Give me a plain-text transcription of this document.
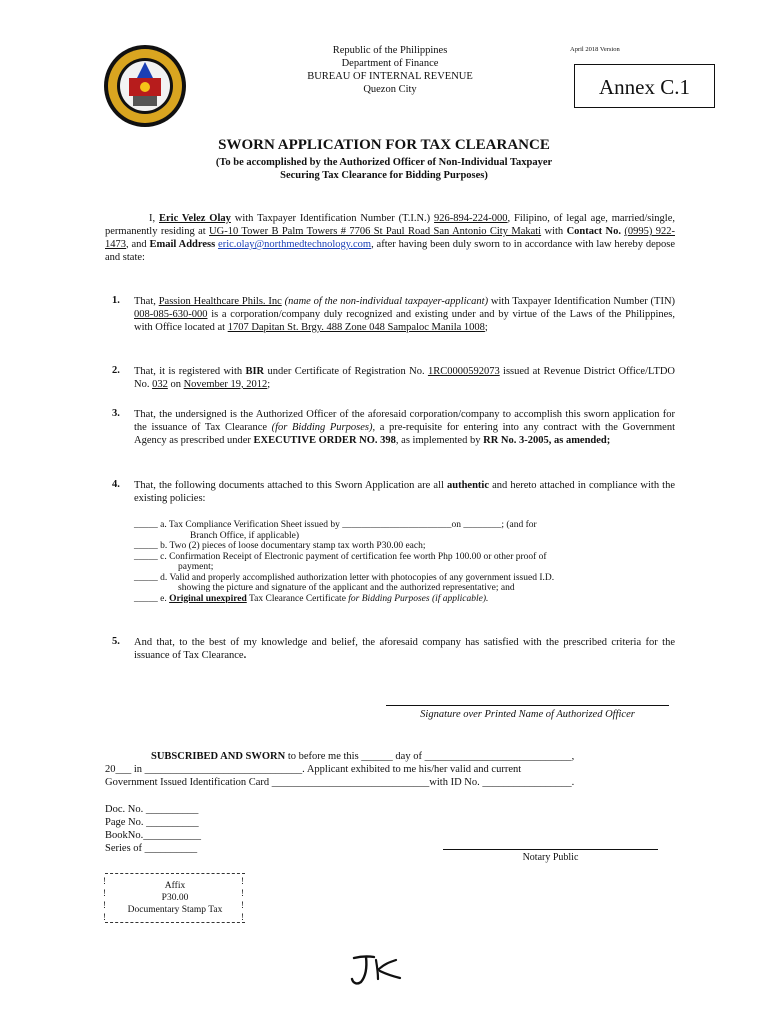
Republic of the Philippines
Department of Finance
BUREAU OF INTERNAL REVENUE
Quezon City
April 2018 Version
Annex C.1
SWORN APPLICATION FOR TAX CLEARANCE
(To be accomplished by the Authorized Officer of Non-Individual Taxpayer
Securing Tax Clearance for Bidding Purposes)
I, Eric Velez Olay with Taxpayer Identification Number (T.I.N.) 926-894-224-000, Filipino, of legal age, married/single, permanently residing at UG-10 Tower B Palm Towers # 7706 St Paul Road San Antonio City Makati with Contact No. (0995) 922-1473, and Email Address eric.olay@northmedtechnology.com, after having been duly sworn to in accordance with law hereby depose and state:
1. That, Passion Healthcare Phils. Inc (name of the non-individual taxpayer-applicant) with Taxpayer Identification Number (TIN) 008-085-630-000 is a corporation/company duly recognized and existing under and by virtue of the Laws of the Philippines, with Office located at 1707 Dapitan St. Brgy. 488 Zone 048 Sampaloc Manila 1008;
2. That, it is registered with BIR under Certificate of Registration No. 1RC0000592073 issued at Revenue District Office/LTDO No. 032 on November 19, 2012;
3. That, the undersigned is the Authorized Officer of the aforesaid corporation/company to accomplish this sworn application for the issuance of Tax Clearance (for Bidding Purposes), a pre-requisite for entering into any contract with the Government Agency as prescribed under EXECUTIVE ORDER NO. 398, as implemented by RR No. 3-2005, as amended;
4. That, the following documents attached to this Sworn Application are all authentic and hereto attached in compliance with the existing policies:
_____ a. Tax Compliance Verification Sheet issued by _______________________on ________; (and for
Branch Office, if applicable)
_____ b. Two (2) pieces of loose documentary stamp tax worth P30.00 each;
_____ c. Confirmation Receipt of Electronic payment of certification fee worth Php 100.00 or other proof of
payment;
_____ d. Valid and properly accomplished authorization letter with photocopies of any government issued I.D.
showing the picture and signature of the applicant and the authorized representative; and
_____ e. Original unexpired Tax Clearance Certificate for Bidding Purposes (if applicable).
5. And that, to the best of my knowledge and belief, the aforesaid company has satisfied with the prescribed criteria for the issuance of Tax Clearance.
Signature over Printed Name of Authorized Officer
SUBSCRIBED AND SWORN to before me this ______ day of ____________________________,
20___ in ______________________________. Applicant exhibited to me his/her valid and current
Government Issued Identification Card ______________________________with ID No. _________________.
Doc. No. __________
Page No. __________
BookNo.___________
Series of __________
Notary Public
Affix
P30.00
Documentary Stamp Tax
!
!
!
!
!
!
!
!
